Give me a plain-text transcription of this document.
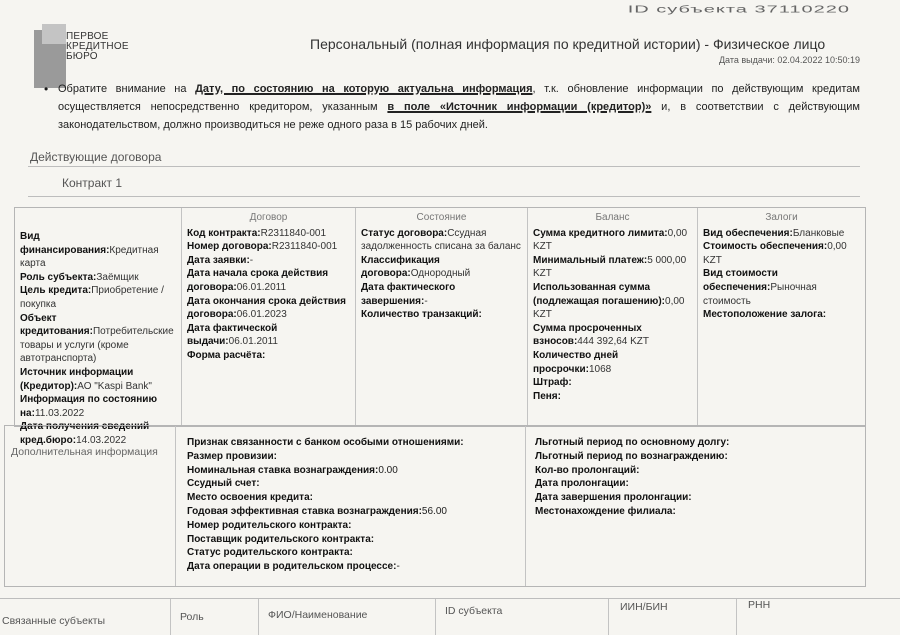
ПЕРВОЕ
КРЕДИТНОЕ
БЮРО
ID субъекта 37110220
Персональный (полная информация по кредитной истории) - Физическое лицо
Дата выдачи: 02.04.2022 10:50:19
• Обратите внимание на Дату, по состоянию на которую актуальна информация, т.к. обновление информации по действующим кредитам осуществляется непосредственно кредитором, указанным в поле «Источник информации (кредитор)» и, в соответствии с действующим законодательством, должно производиться не реже одного раза в 15 рабочих дней.
Действующие договора
Контракт 1
Вид финансирования:Кредитная карта
Роль субъекта:Заёмщик
Цель кредита:Приобретение /покупка
Объект кредитования:Потребительские товары и услуги (кроме автотранспорта)
Источник информации (Кредитор):АО "Kaspi Bank"
Информация по состоянию на:11.03.2022
Дата получения сведений кред.бюро:14.03.2022
Договор
Код контракта:R2311840-001
Номер договора:R2311840-001
Дата заявки:-
Дата начала срока действия договора:06.01.2011
Дата окончания срока действия договора:06.01.2023
Дата фактической выдачи:06.01.2011
Форма расчёта:
Состояние
Статус договора:Ссудная задолженность списана за баланс
Классификация договора:Однородный
Дата фактического завершения:-
Количество транзакций:
Баланс
Сумма кредитного лимита:0,00 KZT
Минимальный платеж:5 000,00 KZT
Использованная сумма (подлежащая погашению):0,00 KZT
Сумма просроченных взносов:444 392,64 KZT
Количество дней просрочки:1068
Штраф:
Пеня:
Залоги
Вид обеспечения:Бланковые
Стоимость обеспечения:0,00 KZT
Вид стоимости обеспечения:Рыночная стоимость
Местоположение залога:
Дополнительная информация
Признак связанности с банком особыми отношениями:
Размер провизии:
Номинальная ставка вознаграждения:0.00
Ссудный счет:
Место освоения кредита:
Годовая эффективная ставка вознаграждения:56.00
Номер родительского контракта:
Поставщик родительского контракта:
Статус родительского контракта:
Дата операции в родительском процессе:-
Льготный период по основному долгу:
Льготный период по вознаграждению:
Кол-во пролонгаций:
Дата пролонгации:
Дата завершения пролонгации:
Местонахождение филиала:
Связанные субъекты	Роль	ФИО/Наименование	ID субъекта	ИИН/БИН	РНН
